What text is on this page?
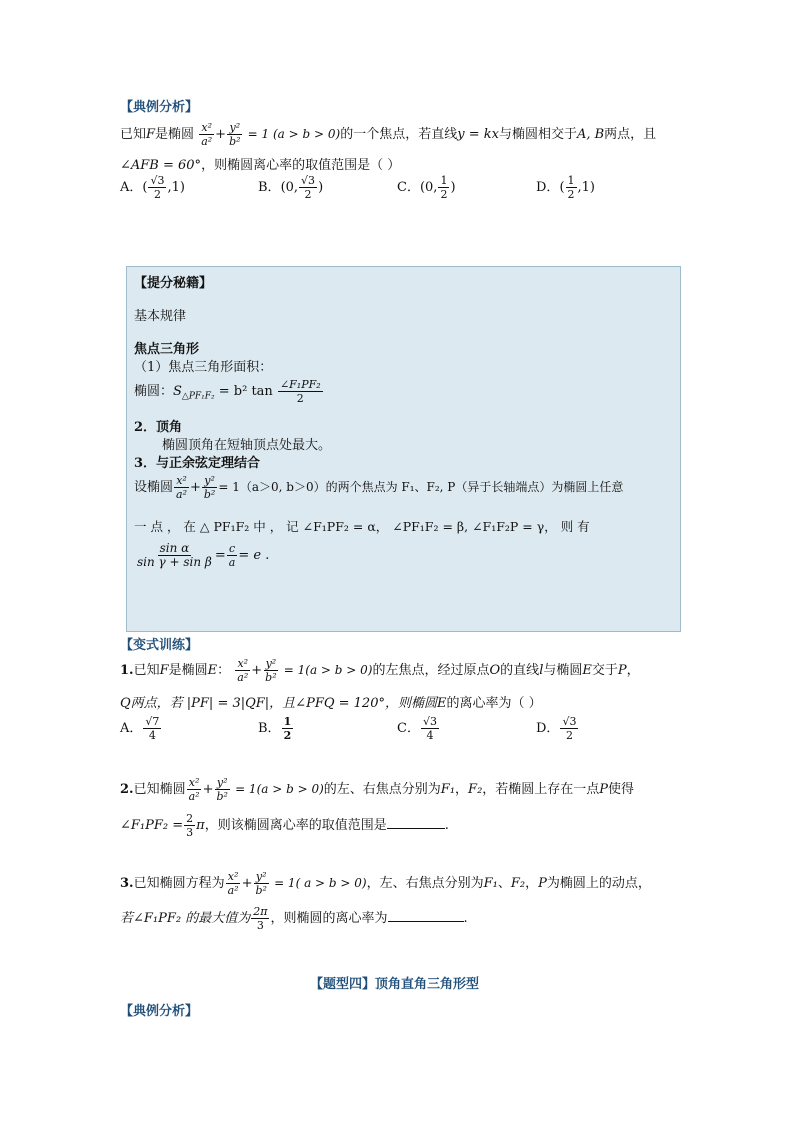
【典例分析】
已知F是椭圆 $\frac{\text{x²}}{\text{a²}} + \frac{\text{y²}}{\text{b²}} = 1$ (a > b > 0)的一个焦点，若直线y = kx与椭圆相交于A, B两点，且
∠AFB = 60°，则椭圆离心率的取值范围是（ ）
A．( $\frac{√3}{2} ,1$)	B．(0, $\frac{√3}{2}$ )	C．(0, $\frac{1}{2}$ )	D．( $\frac{1}{2} ,1$)
【提分秘籍】
基本规律
焦点三角形
（1）焦点三角形面积：
椭圆：$S_{\triangle PF_1F_2} = b^2$ $\tan \frac{\text{∠F₁PF₂}}{2}$
2．顶角
椭圆顶角在短轴顶点处最大。
3．与正余弦定理结合
设椭圆 $\frac{\text{x²}}{\text{a²}} + \frac{\text{y²}}{\text{b²}} = 1(a>0$, b＞0）的两个焦点为 F₁、F₂, P（异于长轴端点）为椭圆上任意
一 点 ， 在 △ PF₁F₂ 中 ， 记 ∠F₁PF₂ = α， ∠PF₁F₂ = β, ∠F₁F₂P = γ， 则 有
$\frac{\text{sin α}}{\text{sin γ + sin β}} = \frac{c}{a} = e$ .
【变式训练】
1.已知F是椭圆E： $\frac{\text{x²}}{\text{a²}} + \frac{\text{y²}}{\text{b²}} = 1(a > b > 0)$的左焦点，经过原点O的直线l与椭圆E交于P，
Q两点，若 |PF| = 3|QF|，且∠PFQ = 120°，则椭圆E的离心率为（ ）
A． $\frac{√7}{4}$	B． $\frac{1}{2}$	C． $\frac{√3}{4}$	D． $\frac{√3}{2}$
2.已知椭圆 $\frac{\text{x²}}{\text{a²}} + \frac{\text{y²}}{\text{b²}} = 1(a > b > 0)$的左、右焦点分别为F₁，F₂，若椭圆上存在一点P使得
∠F₁PF₂ = $\frac{2}{3}$ π，则该椭圆离心率的取值范围是	.
3.已知椭圆方程为 $\frac{\text{x²}}{\text{a²}} + \frac{\text{y²}}{\text{b²}} = 1$( a > b > 0)，左、右焦点分别为F₁、F₂，P为椭圆上的动点，
若∠F₁PF₂ 的最大值为 $\frac{2\pi}{3}$ ，则椭圆的离心率为	.
【题型四】顶角直角三角形型
【典例分析】
